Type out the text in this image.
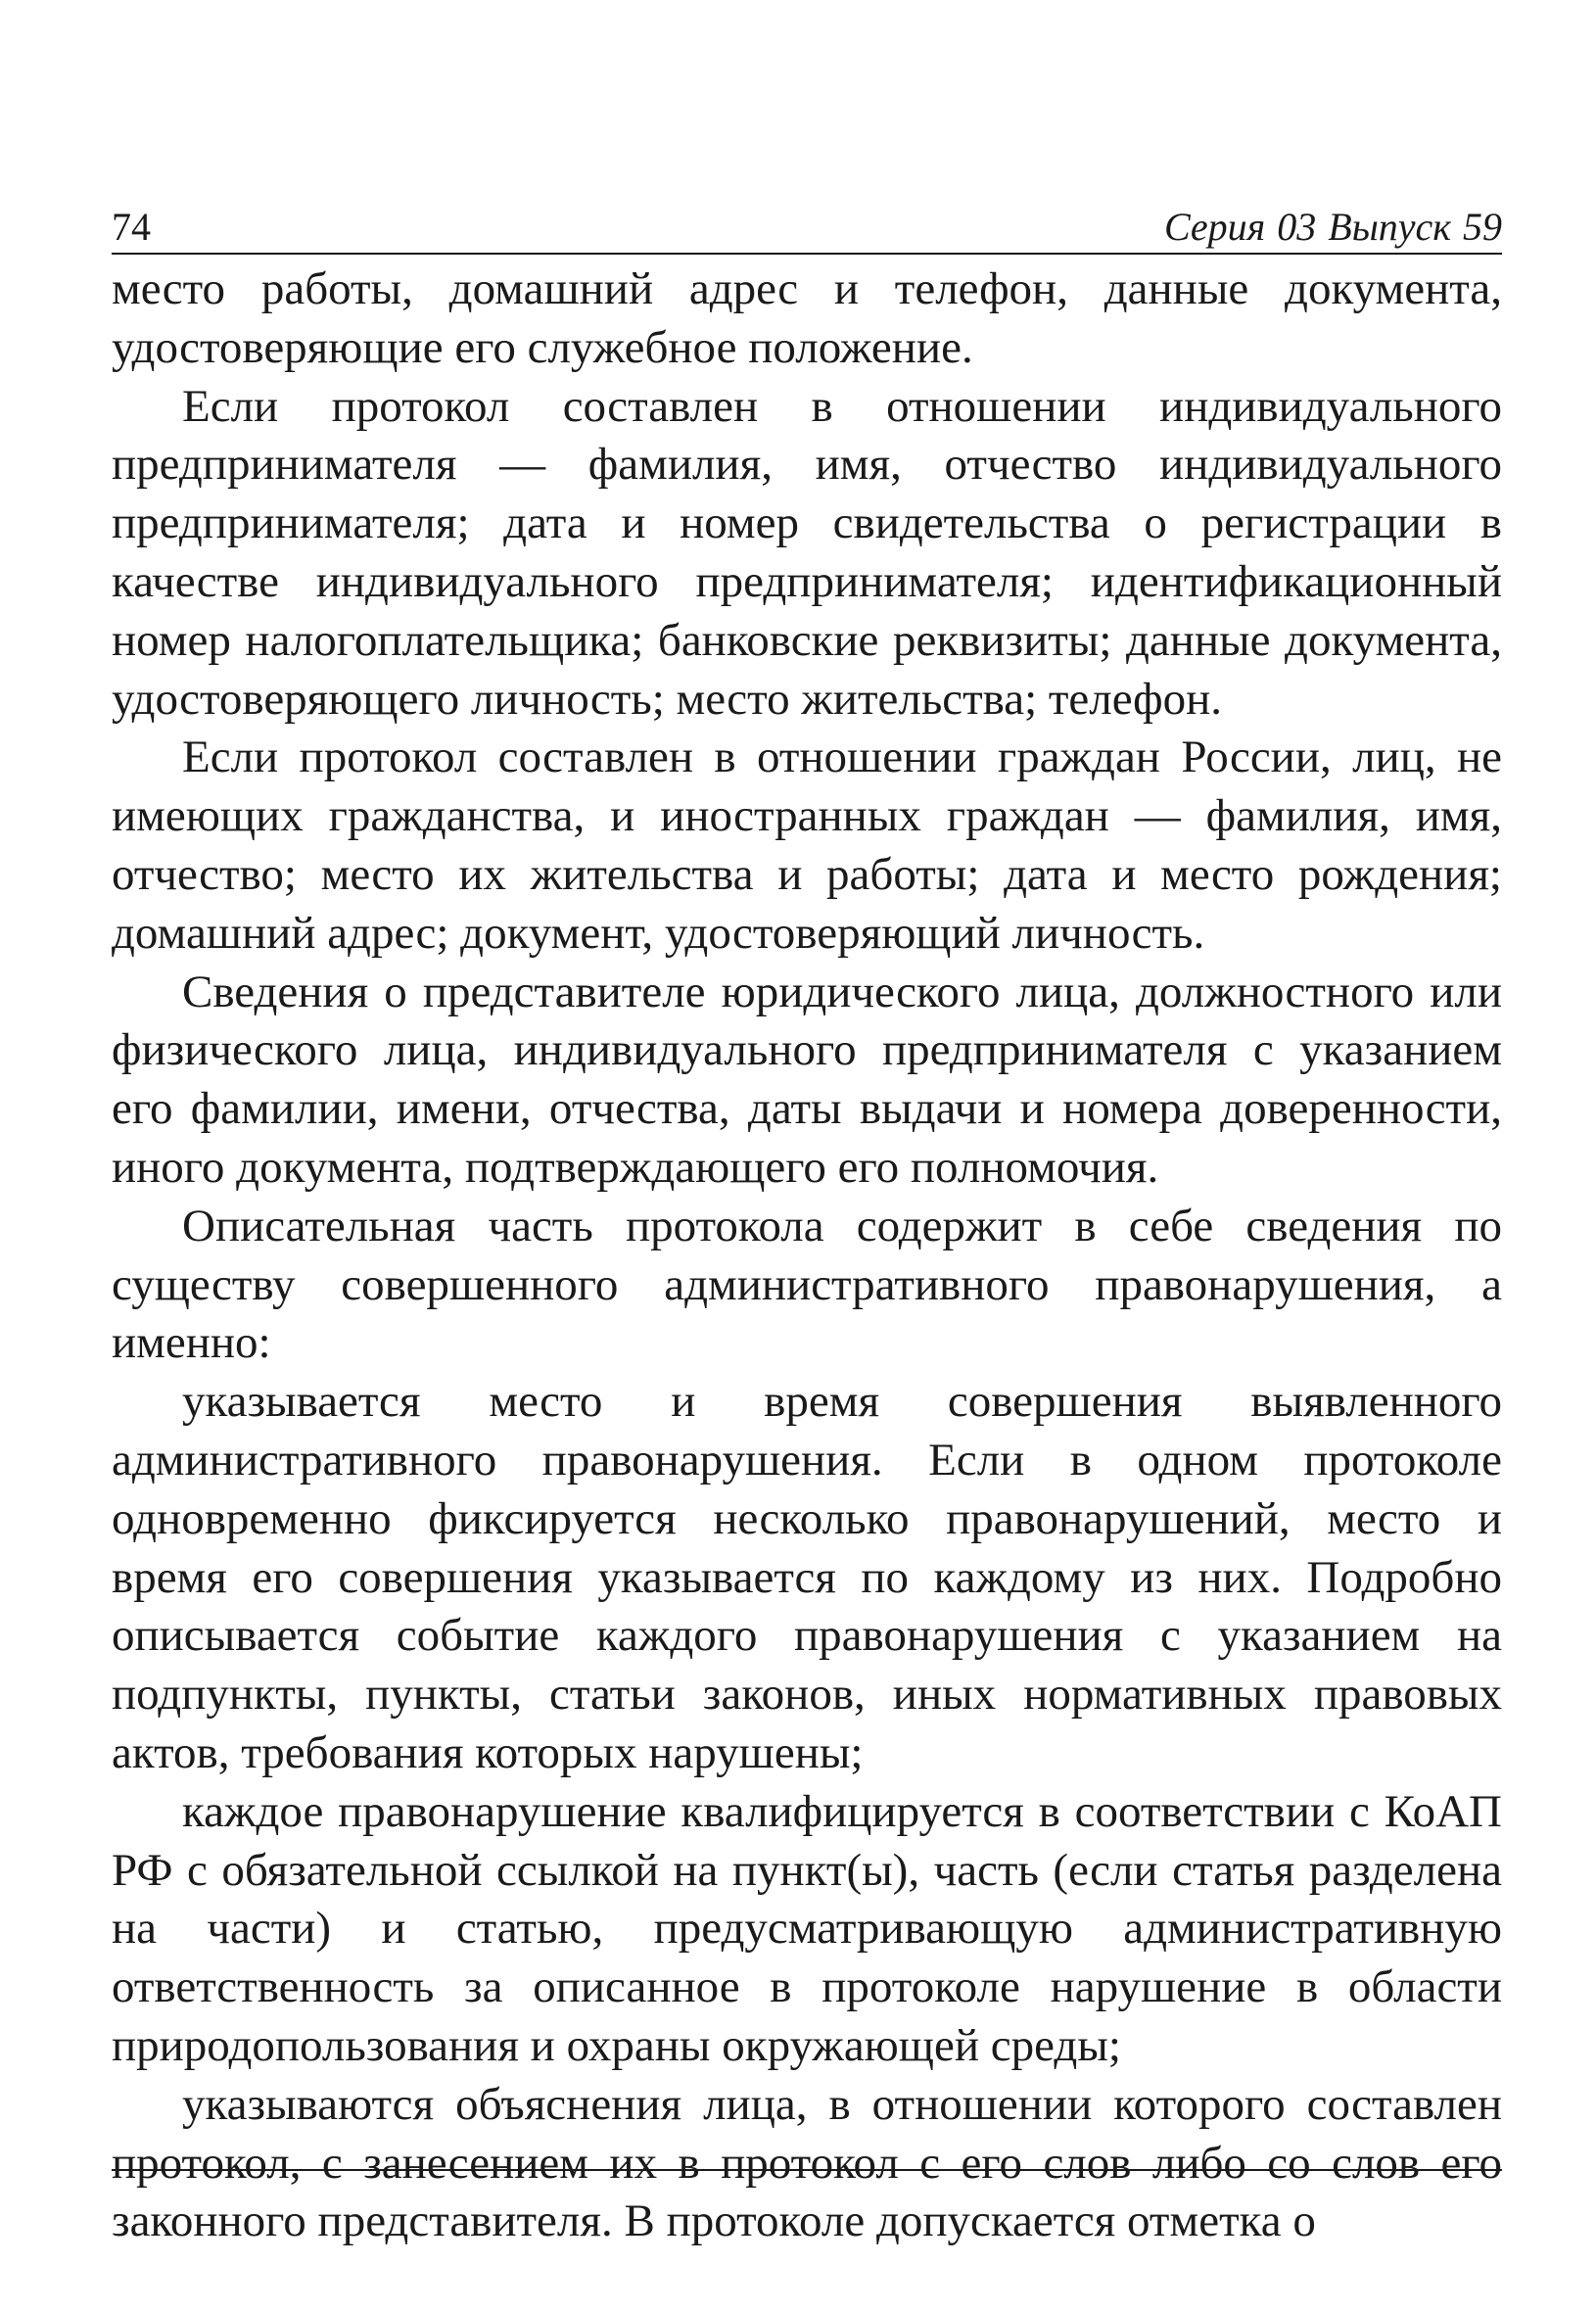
74	Серия 03 Выпуск 59

место работы, домашний адрес и телефон, данные документа, удостоверяющие его служебное положение.

Если протокол составлен в отношении индивидуального предпринимателя — фамилия, имя, отчество индивидуального предпринимателя; дата и номер свидетельства о регистрации в качестве индивидуального предпринимателя; идентификационный номер налогоплательщика; банковские реквизиты; данные документа, удостоверяющего личность; место жительства; телефон.

Если протокол составлен в отношении граждан России, лиц, не имеющих гражданства, и иностранных граждан — фамилия, имя, отчество; место их жительства и работы; дата и место рождения; домашний адрес; документ, удостоверяющий личность.

Сведения о представителе юридического лица, должностного или физического лица, индивидуального предпринимателя с указанием его фамилии, имени, отчества, даты выдачи и номера доверенности, иного документа, подтверждающего его полномочия.

Описательная часть протокола содержит в себе сведения по существу совершенного административного правонарушения, а именно:

указывается место и время совершения выявленного административного правонарушения. Если в одном протоколе одновременно фиксируется несколько правонарушений, место и время его совершения указывается по каждому из них. Подробно описывается событие каждого правонарушения с указанием на подпункты, пункты, статьи законов, иных нормативных правовых актов, требования которых нарушены;

каждое правонарушение квалифицируется в соответствии с КоАП РФ с обязательной ссылкой на пункт(ы), часть (если статья разделена на части) и статью, предусматривающую административную ответственность за описанное в протоколе нарушение в области природопользования и охраны окружающей среды;

указываются объяснения лица, в отношении которого составлен протокол, с занесением их в протокол с его слов либо со слов его законного представителя. В протоколе допускается отметка о
